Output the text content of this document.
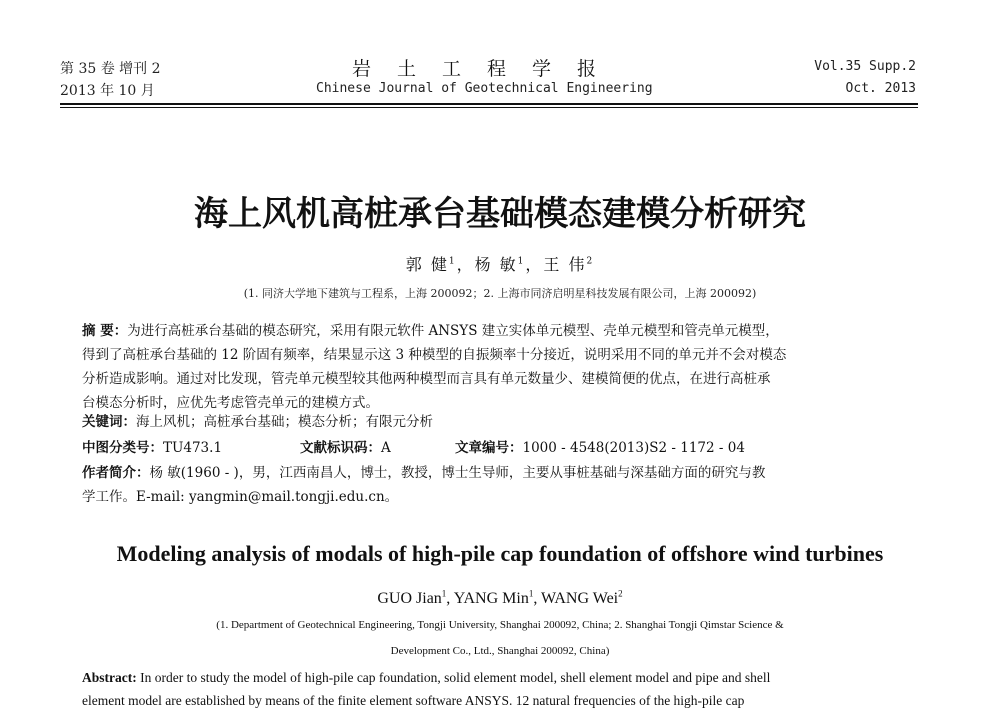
第 35 卷 增刊 2
2013 年 10 月
岩土工程学报
Chinese Journal of Geotechnical Engineering
Vol.35 Supp.2
Oct. 2013
海上风机高桩承台基础模态建模分析研究
郭 健$^1$，杨 敏$^1$，王 伟$^2$
(1. 同济大学地下建筑与工程系，上海 200092；2. 上海市同济启明星科技发展有限公司，上海 200092)
摘 要：为进行高桩承台基础的模态研究，采用有限元软件 ANSYS 建立实体单元模型、壳单元模型和管壳单元模型，
得到了高桩承台基础的 12 阶固有频率，结果显示这 3 种模型的自振频率十分接近，说明采用不同的单元并不会对模态
分析造成影响。通过对比发现，管壳单元模型较其他两种模型而言具有单元数量少、建模简便的优点，在进行高桩承
台模态分析时，应优先考虑管壳单元的建模方式。
关键词：海上风机；高桩承台基础；模态分析；有限元分析
中图分类号：TU473.1	文献标识码：A	文章编号：1000 - 4548(2013)S2 - 1172 - 04
作者简介：杨 敏(1960 - )，男，江西南昌人，博士，教授，博士生导师，主要从事桩基础与深基础方面的研究与教
学工作。E-mail: yangmin@mail.tongji.edu.cn。
Modeling analysis of modals of high-pile cap foundation of offshore wind turbines
GUO Jian$^1$, YANG Min$^1$, WANG Wei$^2$
(1. Department of Geotechnical Engineering, Tongji University, Shanghai 200092, China; 2. Shanghai Tongji Qimstar Science &
Development Co., Ltd., Shanghai 200092, China)
Abstract: In order to study the model of high-pile cap foundation, solid element model, shell element model and pipe and shell
element model are established by means of the finite element software ANSYS. 12 natural frequencies of the high-pile cap
